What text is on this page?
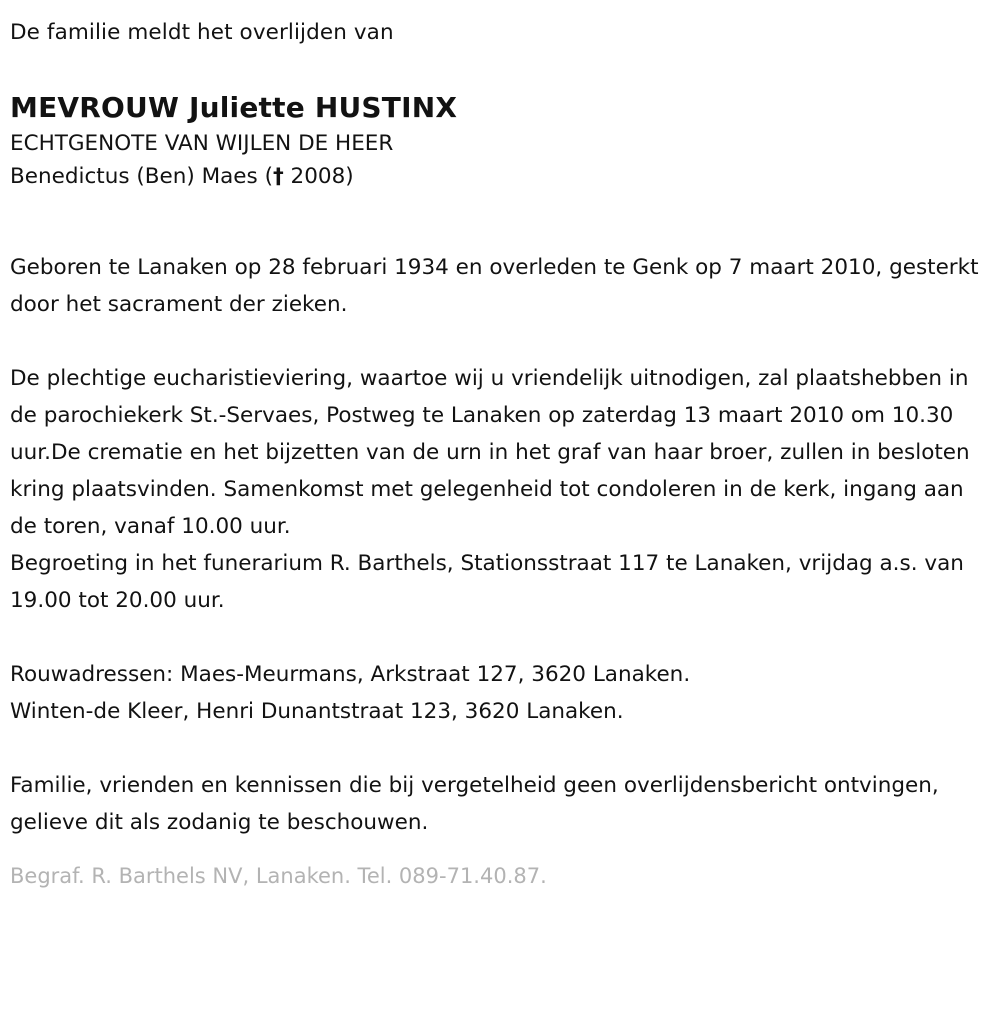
De familie meldt het overlijden van

MEVROUW Juliette HUSTINX

ECHTGENOTE VAN WIJLEN DE HEER

Benedictus (Ben) Maes († 2008)

Geboren te Lanaken op 28 februari 1934 en overleden te Genk op 7 maart 2010, gesterkt door het sacrament der zieken.

De plechtige eucharistieviering, waartoe wij u vriendelijk uitnodigen, zal plaatshebben in de parochiekerk St.-Servaes, Postweg te Lanaken op zaterdag 13 maart 2010 om 10.30 uur.De crematie en het bijzetten van de urn in het graf van haar broer, zullen in besloten kring plaatsvinden. Samenkomst met gelegenheid tot condoleren in de kerk, ingang aan de toren, vanaf 10.00 uur.

Begroeting in het funerarium R. Barthels, Stationsstraat 117 te Lanaken, vrijdag a.s. van 19.00 tot 20.00 uur.

Rouwadressen: Maes-Meurmans, Arkstraat 127, 3620 Lanaken.

Winten-de Kleer, Henri Dunantstraat 123, 3620 Lanaken.

Familie, vrienden en kennissen die bij vergetelheid geen overlijdensbericht ontvingen, gelieve dit als zodanig te beschouwen.

Begraf. R. Barthels NV, Lanaken. Tel. 089-71.40.87.
